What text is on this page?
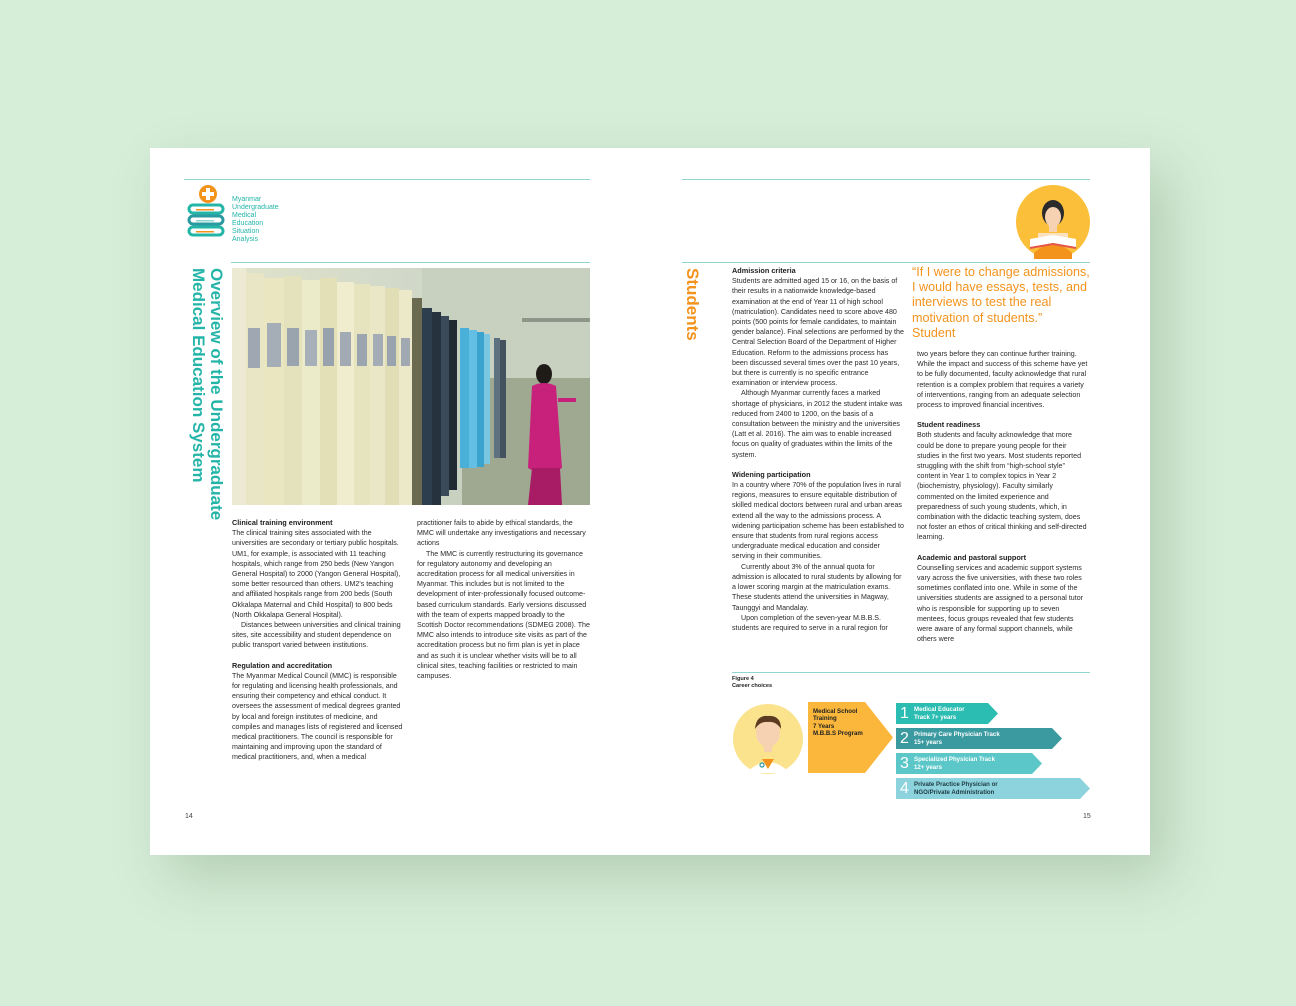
Myanmar
Undergraduate
Medical
Education
Situation
Analysis
Overview of the Undergraduate
Medical Education System

Clinical training environment

The clinical training sites associated with the universities are secondary or tertiary public hospitals. UM1, for example, is associated with 11 teaching hospitals, which range from 250 beds (New Yangon General Hospital) to 2000 (Yangon General Hospital), some better resourced than others. UM2's teaching and affiliated hospitals range from 200 beds (South Okkalapa Maternal and Child Hospital) to 800 beds (North Okkalapa General Hospital).

Distances between universities and clinical training sites, site accessibility and student dependence on public transport varied between institutions.

Regulation and accreditation

The Myanmar Medical Council (MMC) is responsible for regulating and licensing health professionals, and ensuring their competency and ethical conduct. It oversees the assessment of medical degrees granted by local and foreign institutes of medicine, and compiles and manages lists of registered and licensed medical practitioners. The council is responsible for maintaining and improving upon the standard of medical practitioners, and, when a medical

practitioner fails to abide by ethical standards, the MMC will undertake any investigations and necessary actions

The MMC is currently restructuring its governance for regulatory autonomy and developing an accreditation process for all medical universities in Myanmar. This includes but is not limited to the development of inter-professionally focused outcome-based curriculum standards. Early versions discussed with the team of experts mapped broadly to the Scottish Doctor recommendations (SDMEG 2008). The MMC also intends to introduce site visits as part of the accreditation process but no firm plan is yet in place and as such it is unclear whether visits will be to all clinical sites, teaching facilities or restricted to main campuses.

14
Students	Admission criteria

Students are admitted aged 15 or 16, on the basis of their results in a nationwide knowledge-based examination at the end of Year 11 of high school (matriculation). Candidates need to score above 480 points (500 points for female candidates, to maintain gender balance). Final selections are performed by the Central Selection Board of the Department of Higher Education. Reform to the admissions process has been discussed several times over the past 10 years, but there is currently is no specific entrance examination or interview process.

Although Myanmar currently faces a marked shortage of physicians, in 2012 the student intake was reduced from 2400 to 1200, on the basis of a consultation between the ministry and the universities (Latt et al. 2016). The aim was to enable increased focus on quality of graduates within the limits of the system.

Widening participation

In a country where 70% of the population lives in rural regions, measures to ensure equitable distribution of skilled medical doctors between rural and urban areas extend all the way to the admissions process. A widening participation scheme has been established to ensure that students from rural regions access undergraduate medical education and consider serving in their communities.

Currently about 3% of the annual quota for admission is allocated to rural students by allowing for a lower scoring margin at the matriculation exams. These students attend the universities in Magway, Taunggyi and Mandalay.

Upon completion of the seven-year M.B.B.S. students are required to serve in a rural region for

“If I were to change admissions, I would have essays, tests, and interviews to test the real motivation of students.”
Student

two years before they can continue further training. While the impact and success of this scheme have yet to be fully documented, faculty acknowledge that rural retention is a complex problem that requires a variety of interventions, ranging from an adequate selection process to improved financial incentives.

Student readiness

Both students and faculty acknowledge that more could be done to prepare young people for their studies in the first two years. Most students reported struggling with the shift from “high-school style” content in Year 1 to complex topics in Year 2 (biochemistry, physiology). Faculty similarly commented on the limited experience and preparedness of such young students, which, in combination with the didactic teaching system, does not foster an ethos of critical thinking and self-directed learning.

Academic and pastoral support

Counselling services and academic support systems vary across the five universities, with these two roles sometimes conflated into one. While in some of the universities students are assigned to a personal tutor who is responsible for supporting up to seven mentees, focus groups revealed that few students were aware of any formal support channels, while others were

Figure 4
Career choices
Medical School
Training
7 Years
M.B.B.S Program
1 Medical Educator
Track 7+ years
2 Primary Care Physician Track
15+ years
3 Specialized Physician Track
12+ years
4 Private Practice Physician or
NGO/Private Administration
15
